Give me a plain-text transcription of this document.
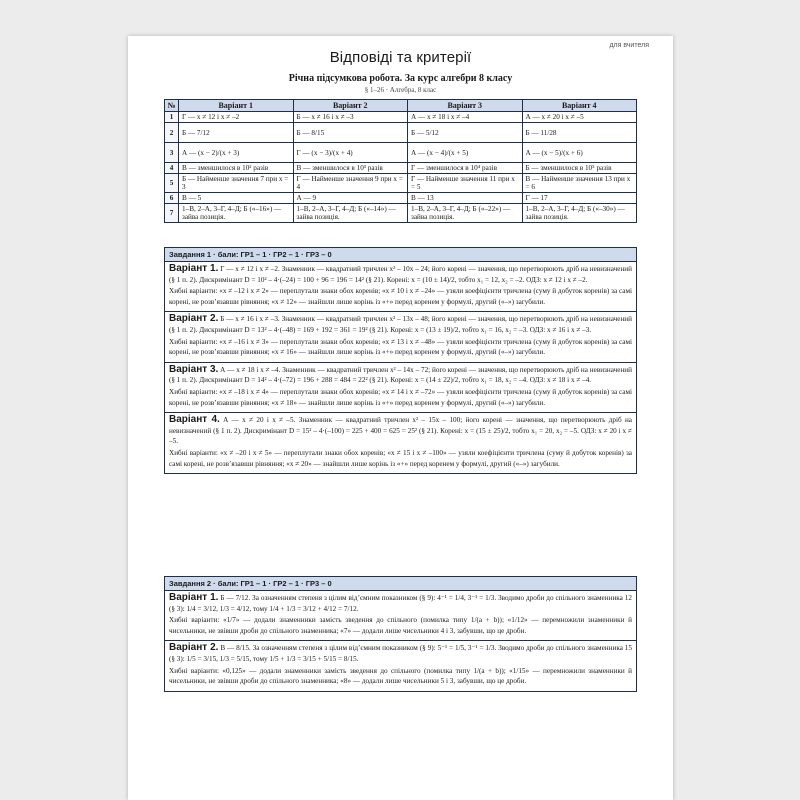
для вчителя
Відповіді та критерії
Річна підсумкова робота. За курс алгебри 8 класу
§ 1–26 · Алгебра, 8 клас
№	Варіант 1	Варіант 2	Варіант 3	Варіант 4
1	Г — x ≠ 12 і x ≠ –2	Б — x ≠ 16 і x ≠ –3	А — x ≠ 18 і x ≠ –4	А — x ≠ 20 і x ≠ –5
2	Б — 7/12	Б — 8/15	Б — 5/12	Б — 11/28
3	А — (x − 2)/(x + 3)	Г — (x − 3)/(x + 4)	А — (x − 4)/(x + 5)	А — (x − 5)/(x + 6)
4	В — зменшилося в 10² разів	В — зменшилося в 10³ разів	Г — зменшилося в 10⁴ разів	Б — зменшилося в 10⁵ разів
5	Б — Найменше значення 7 при x = 3	Г — Найменше значення 9 при x = 4	Г — Найменше значення 11 при x = 5	В — Найменше значення 13 при x = 6
6	В — 5	А — 9	В — 13	Г — 17
7	1–В, 2–А, 3–Г, 4–Д; Б («–16») — зайва позиція.	1–В, 2–А, 3–Г, 4–Д; Б («–14») — зайва позиція.	1–В, 2–А, 3–Г, 4–Д; Б («–22») — зайва позиція.	1–В, 2–А, 3–Г, 4–Д; Б («–30») — зайва позиція.
Завдання 1 · бали: ГР1 – 1 · ГР2 – 1 · ГР3 – 0

Варіант 1. Г — x ≠ 12 і x ≠ –2. Знаменник — квадратний тричлен x² – 10x – 24; його корені — значення, що перетворюють дріб на невизначений (§ 1 п. 2). Дискримінант D = 10² – 4·(–24) = 100 + 96 = 196 = 14² (§ 21). Корені: x = (10 ± 14)/2, тобто x₁ = 12, x₂ = –2. ОДЗ: x ≠ 12 і x ≠ –2.

Хибні варіанти: «x ≠ –12 і x ≠ 2» — переплутали знаки обох коренів; «x ≠ 10 і x ≠ –24» — узяли коефіцієнти тричлена (суму й добуток коренів) за самі корені, не розв’язавши рівняння; «x ≠ 12» — знайшли лише корінь із «+» перед коренем у формулі, другий («–») загубили.

Варіант 2. Б — x ≠ 16 і x ≠ –3. Знаменник — квадратний тричлен x² – 13x – 48; його корені — значення, що перетворюють дріб на невизначений (§ 1 п. 2). Дискримінант D = 13² – 4·(–48) = 169 + 192 = 361 = 19² (§ 21). Корені: x = (13 ± 19)/2, тобто x₁ = 16, x₂ = –3. ОДЗ: x ≠ 16 і x ≠ –3.

Хибні варіанти: «x ≠ –16 і x ≠ 3» — переплутали знаки обох коренів; «x ≠ 13 і x ≠ –48» — узяли коефіцієнти тричлена (суму й добуток коренів) за самі корені, не розв’язавши рівняння; «x ≠ 16» — знайшли лише корінь із «+» перед коренем у формулі, другий («–») загубили.

Варіант 3. А — x ≠ 18 і x ≠ –4. Знаменник — квадратний тричлен x² – 14x – 72; його корені — значення, що перетворюють дріб на невизначений (§ 1 п. 2). Дискримінант D = 14² – 4·(–72) = 196 + 288 = 484 = 22² (§ 21). Корені: x = (14 ± 22)/2, тобто x₁ = 18, x₂ = –4. ОДЗ: x ≠ 18 і x ≠ –4.

Хибні варіанти: «x ≠ –18 і x ≠ 4» — переплутали знаки обох коренів; «x ≠ 14 і x ≠ –72» — узяли коефіцієнти тричлена (суму й добуток коренів) за самі корені, не розв’язавши рівняння; «x ≠ 18» — знайшли лише корінь із «+» перед коренем у формулі, другий («–») загубили.

Варіант 4. А — x ≠ 20 і x ≠ –5. Знаменник — квадратний тричлен x² – 15x – 100; його корені — значення, що перетворюють дріб на невизначений (§ 1 п. 2). Дискримінант D = 15² – 4·(–100) = 225 + 400 = 625 = 25² (§ 21). Корені: x = (15 ± 25)/2, тобто x₁ = 20, x₂ = –5. ОДЗ: x ≠ 20 і x ≠ –5.

Хибні варіанти: «x ≠ –20 і x ≠ 5» — переплутали знаки обох коренів; «x ≠ 15 і x ≠ –100» — узяли коефіцієнти тричлена (суму й добуток коренів) за самі корені, не розв’язавши рівняння; «x ≠ 20» — знайшли лише корінь із «+» перед коренем у формулі, другий («–») загубили.

Завдання 2 · бали: ГР1 – 1 · ГР2 – 1 · ГР3 – 0

Варіант 1. Б — 7/12. За означенням степеня з цілим від’ємним показником (§ 9): 4⁻¹ = 1/4, 3⁻¹ = 1/3. Зводимо дроби до спільного знаменника 12 (§ 3): 1/4 = 3/12, 1/3 = 4/12, тому 1/4 + 1/3 = 3/12 + 4/12 = 7/12.

Хибні варіанти: «1/7» — додали знаменники замість зведення до спільного (помилка типу 1/(a + b)); «1/12» — перемножили знаменники й чисельники, не звівши дроби до спільного знаменника; «7» — додали лише чисельники 4 і 3, забувши, що це дроби.

Варіант 2. В — 8/15. За означенням степеня з цілим від’ємним показником (§ 9): 5⁻¹ = 1/5, 3⁻¹ = 1/3. Зводимо дроби до спільного знаменника 15 (§ 3): 1/5 = 3/15, 1/3 = 5/15, тому 1/5 + 1/3 = 3/15 + 5/15 = 8/15.

Хибні варіанти: «0,125» — додали знаменники замість зведення до спільного (помилка типу 1/(a + b)); «1/15» — перемножили знаменники й чисельники, не звівши дроби до спільного знаменника; «8» — додали лише чисельники 5 і 3, забувши, що це дроби.
